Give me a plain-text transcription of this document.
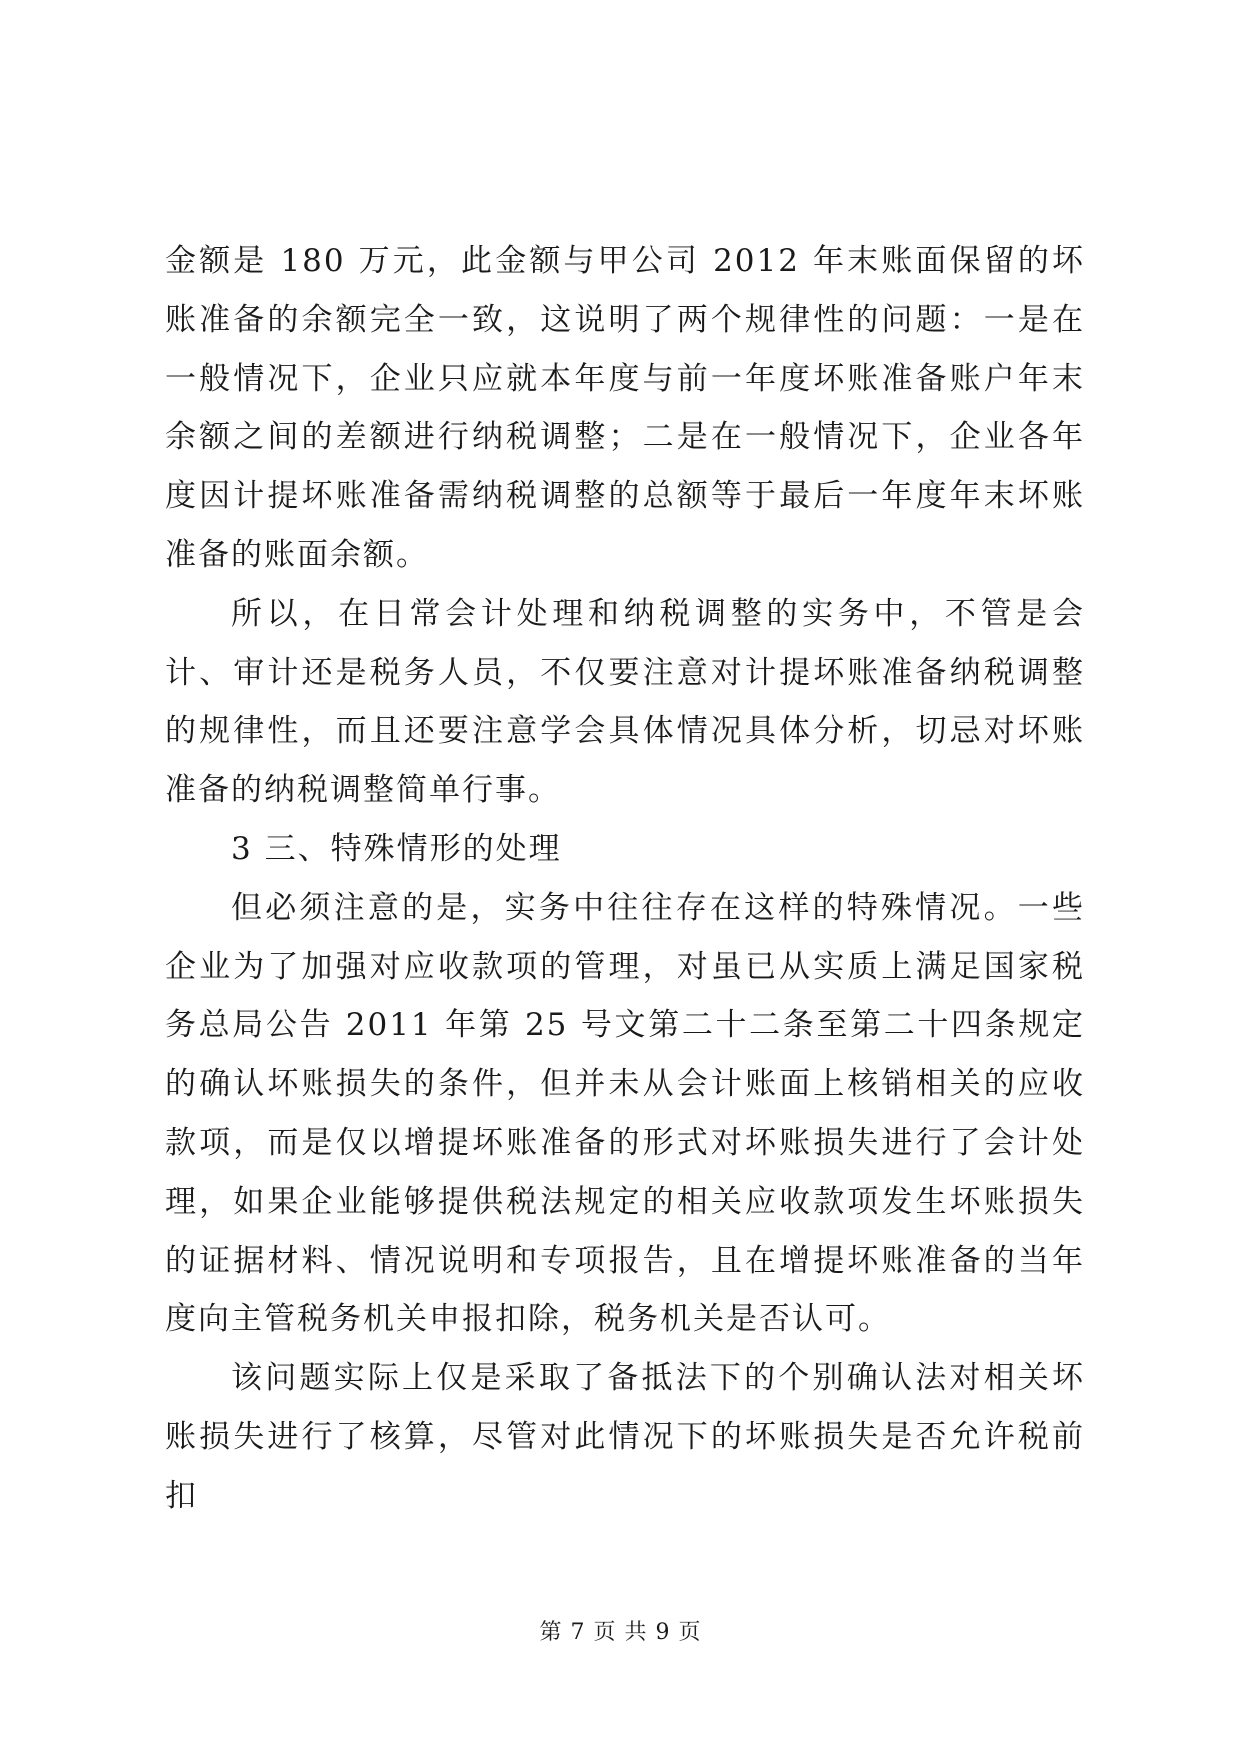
金额是 180 万元，此金额与甲公司 2012 年末账面保留的坏账准备的余额完全一致，这说明了两个规律性的问题：一是在一般情况下，企业只应就本年度与前一年度坏账准备账户年末余额之间的差额进行纳税调整；二是在一般情况下，企业各年度因计提坏账准备需纳税调整的总额等于最后一年度年末坏账准备的账面余额。

所以，在日常会计处理和纳税调整的实务中，不管是会计、审计还是税务人员，不仅要注意对计提坏账准备纳税调整的规律性，而且还要注意学会具体情况具体分析，切忌对坏账准备的纳税调整简单行事。

3 三、特殊情形的处理

但必须注意的是，实务中往往存在这样的特殊情况。一些企业为了加强对应收款项的管理，对虽已从实质上满足国家税务总局公告 2011 年第 25 号文第二十二条至第二十四条规定的确认坏账损失的条件，但并未从会计账面上核销相关的应收款项，而是仅以增提坏账准备的形式对坏账损失进行了会计处理，如果企业能够提供税法规定的相关应收款项发生坏账损失的证据材料、情况说明和专项报告，且在增提坏账准备的当年度向主管税务机关申报扣除，税务机关是否认可。

该问题实际上仅是采取了备抵法下的个别确认法对相关坏账损失进行了核算，尽管对此情况下的坏账损失是否允许税前扣

第 7 页 共 9 页
